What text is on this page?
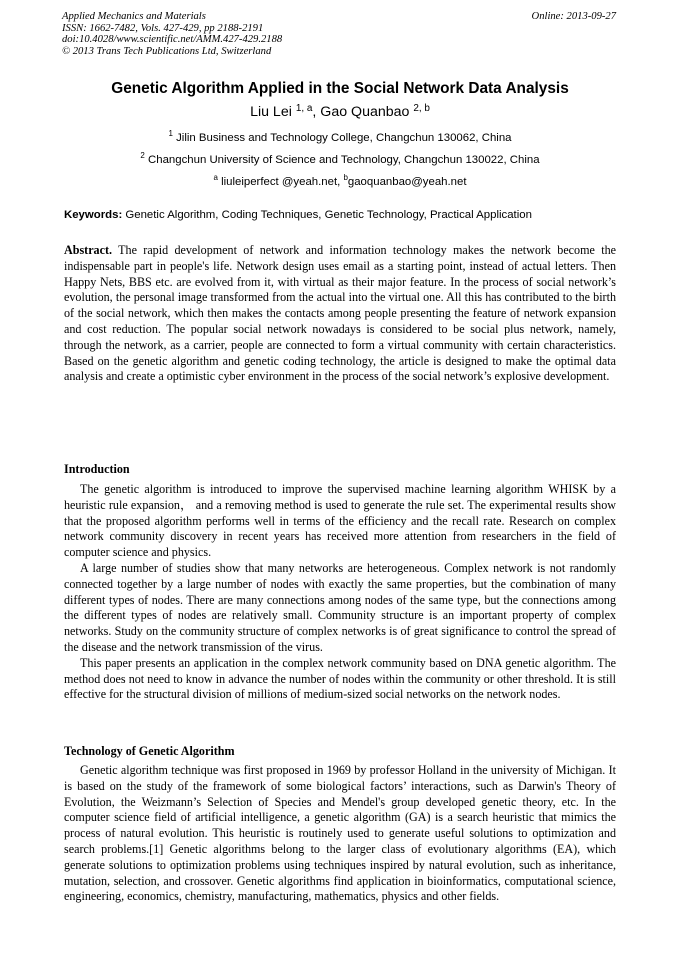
Applied Mechanics and Materials
ISSN: 1662-7482, Vols. 427-429, pp 2188-2191
doi:10.4028/www.scientific.net/AMM.427-429.2188
© 2013 Trans Tech Publications Ltd, Switzerland
Online: 2013-09-27
Genetic Algorithm Applied in the Social Network Data Analysis
Liu Lei $^{1, a}$, Gao Quanbao $^{2, b}$
$^1$ Jilin Business and Technology College, Changchun 130062, China
$^2$ Changchun University of Science and Technology, Changchun 130022, China
$^a$ liuleiperfect @yeah.net, $^b$gaoquanbao@yeah.net
Keywords: Genetic Algorithm, Coding Techniques, Genetic Technology, Practical Application

Abstract. The rapid development of network and information technology makes the network become the indispensable part in people's life. Network design uses email as a starting point, instead of actual letters. Then Happy Nets, BBS etc. are evolved from it, with virtual as their major feature. In the process of social network’s evolution, the personal image transformed from the actual into the virtual one. All this has contributed to the birth of the social network, which then makes the contacts among people presenting the feature of network expansion and cost reduction. The popular social network nowadays is considered to be social plus network, namely, through the network, as a carrier, people are connected to form a virtual community with certain characteristics. Based on the genetic algorithm and genetic coding technology, the article is designed to make the optimal data analysis and create a optimistic cyber environment in the process of the social network’s explosive development.

Introduction

The genetic algorithm is introduced to improve the supervised machine learning algorithm WHISK by a heuristic rule expansion， and a removing method is used to generate the rule set. The experimental results show that the proposed algorithm performs well in terms of the efficiency and the recall rate. Research on complex network community discovery in recent years has received more attention from researchers in the field of computer science and physics.

A large number of studies show that many networks are heterogeneous. Complex network is not randomly connected together by a large number of nodes with exactly the same properties, but the combination of many different types of nodes. There are many connections among nodes of the same type, but the connections among the different types of nodes are relatively small. Community structure is an important property of complex networks. Study on the community structure of complex networks is of great significance to control the spread of the disease and the network transmission of the virus.

This paper presents an application in the complex network community based on DNA genetic algorithm. The method does not need to know in advance the number of nodes within the community or other threshold. It is still effective for the structural division of millions of medium-sized social networks on the network nodes.

Technology of Genetic Algorithm

Genetic algorithm technique was first proposed in 1969 by professor Holland in the university of Michigan. It is based on the study of the framework of some biological factors’ interactions, such as Darwin's Theory of Evolution, the Weizmann’s Selection of Species and Mendel's group developed genetic theory, etc. In the computer science field of artificial intelligence, a genetic algorithm (GA) is a search heuristic that mimics the process of natural evolution. This heuristic is routinely used to generate useful solutions to optimization and search problems.[1] Genetic algorithms belong to the larger class of evolutionary algorithms (EA), which generate solutions to optimization problems using techniques inspired by natural evolution, such as inheritance, mutation, selection, and crossover. Genetic algorithms find application in bioinformatics, computational science, engineering, economics, chemistry, manufacturing, mathematics, physics and other fields.
